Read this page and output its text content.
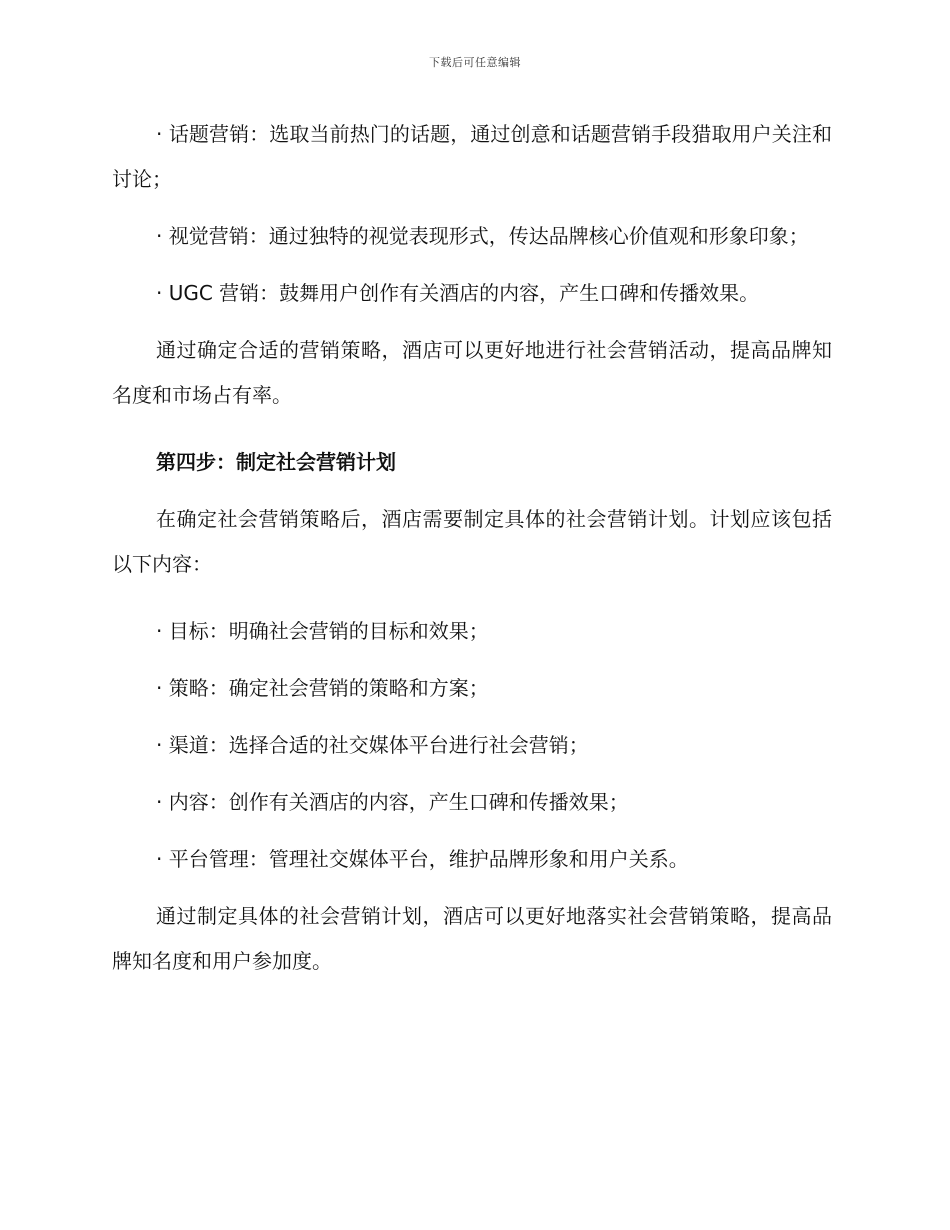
下载后可任意编辑

· 话题营销：选取当前热门的话题，通过创意和话题营销手段猎取用户关注和讨论；

· 视觉营销：通过独特的视觉表现形式，传达品牌核心价值观和形象印象；

· UGC 营销：鼓舞用户创作有关酒店的内容，产生口碑和传播效果。

通过确定合适的营销策略，酒店可以更好地进行社会营销活动，提高品牌知名度和市场占有率。

第四步：制定社会营销计划

在确定社会营销策略后，酒店需要制定具体的社会营销计划。计划应该包括以下内容：

· 目标：明确社会营销的目标和效果；

· 策略：确定社会营销的策略和方案；

· 渠道：选择合适的社交媒体平台进行社会营销；

· 内容：创作有关酒店的内容，产生口碑和传播效果；

· 平台管理：管理社交媒体平台，维护品牌形象和用户关系。

通过制定具体的社会营销计划，酒店可以更好地落实社会营销策略，提高品牌知名度和用户参加度。
